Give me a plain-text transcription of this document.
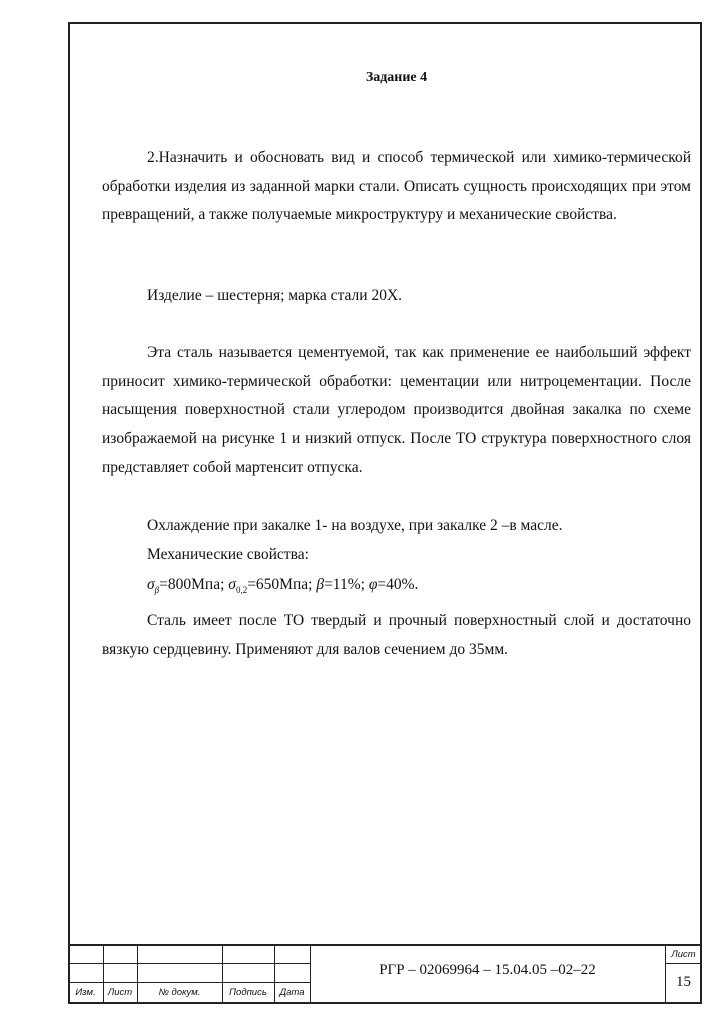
Задание 4

2.Назначить и обосновать вид и способ термической или химико-термической обработки изделия из заданной марки стали. Описать сущность происходящих при этом превращений, а также получаемые микроструктуру и механические свойства.

Изделие – шестерня; марка стали 20Х.

Эта сталь называется цементуемой, так как применение ее наибольший эффект приносит химико-термической обработки: цементации или нитроцементации. После насыщения поверхностной стали углеродом производится двойная закалка по схеме изображаемой на рисунке 1 и низкий отпуск. После ТО структура поверхностного слоя представляет собой мартенсит отпуска.

Охлаждение при закалке 1- на воздухе, при закалке 2 –в масле.

Механические свойства:

$\sigma_\beta=800Мпа$; $\sigma_{0,2}=650Мпа$; β=11%; φ=40%.

Сталь имеет после ТО твердый и прочный поверхностный слой и достаточно вязкую сердцевину. Применяют для валов сечением до 35мм.

Изм.	Лист	№ докум.	Подпись	Дата
РГР – 02069964 – 15.04.05 –02–22
Лист
15
